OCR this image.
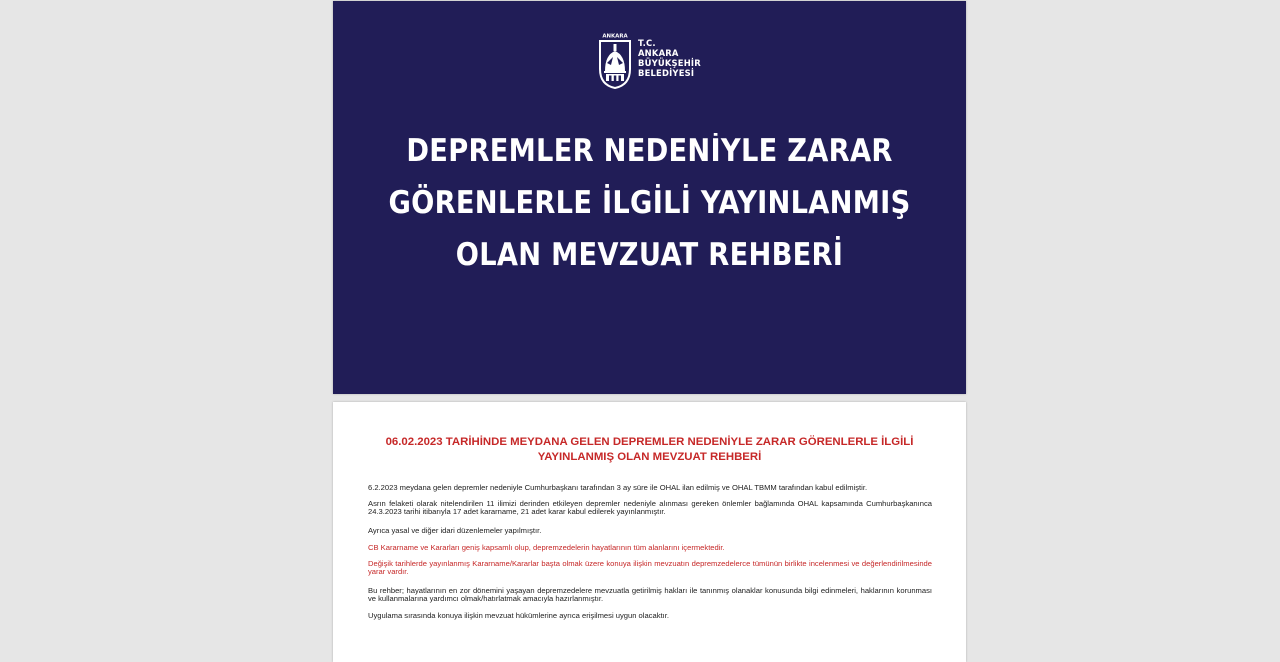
ANKARA
T.C.
ANKARA
BÜYÜKŞEHİR
BELEDİYESİ
DEPREMLER NEDENİYLE ZARAR
GÖRENLERLE İLGİLİ YAYINLANMIŞ
OLAN MEVZUAT REHBERİ
06.02.2023 TARİHİNDE MEYDANA GELEN DEPREMLER NEDENİYLE ZARAR GÖRENLERLE İLGİLİ YAYINLANMIŞ OLAN MEVZUAT REHBERİ

6.2.2023 meydana gelen depremler nedeniyle Cumhurbaşkanı tarafından 3 ay süre ile OHAL ilan edilmiş ve OHAL TBMM tarafından kabul edilmiştir.

Asrın felaketi olarak nitelendirilen 11 ilimizi derinden etkileyen depremler nedeniyle alınması gereken önlemler bağlamında OHAL kapsamında Cumhurbaşkanınca 24.3.2023 tarihi itibarıyla 17 adet kararname, 21 adet karar kabul edilerek yayınlanmıştır.

Ayrıca yasal ve diğer idari düzenlemeler yapılmıştır.

CB Kararname ve Kararları geniş kapsamlı olup, depremzedelerin hayatlarının tüm alanlarını içermektedir.

Değişik tarihlerde yayınlanmış Kararname/Kararlar başta olmak üzere konuya ilişkin mevzuatın depremzedelerce tümünün birlikte incelenmesi ve değerlendirilmesinde yarar vardır.

Bu rehber; hayatlarının en zor dönemini yaşayan depremzedelere mevzuatla getirilmiş hakları ile tanınmış olanaklar konusunda bilgi edinmeleri, haklarının korunması ve kullanmalarına yardımcı olmak/hatırlatmak amacıyla hazırlanmıştır.

Uygulama sırasında konuya ilişkin mevzuat hükümlerine ayrıca erişilmesi uygun olacaktır.
